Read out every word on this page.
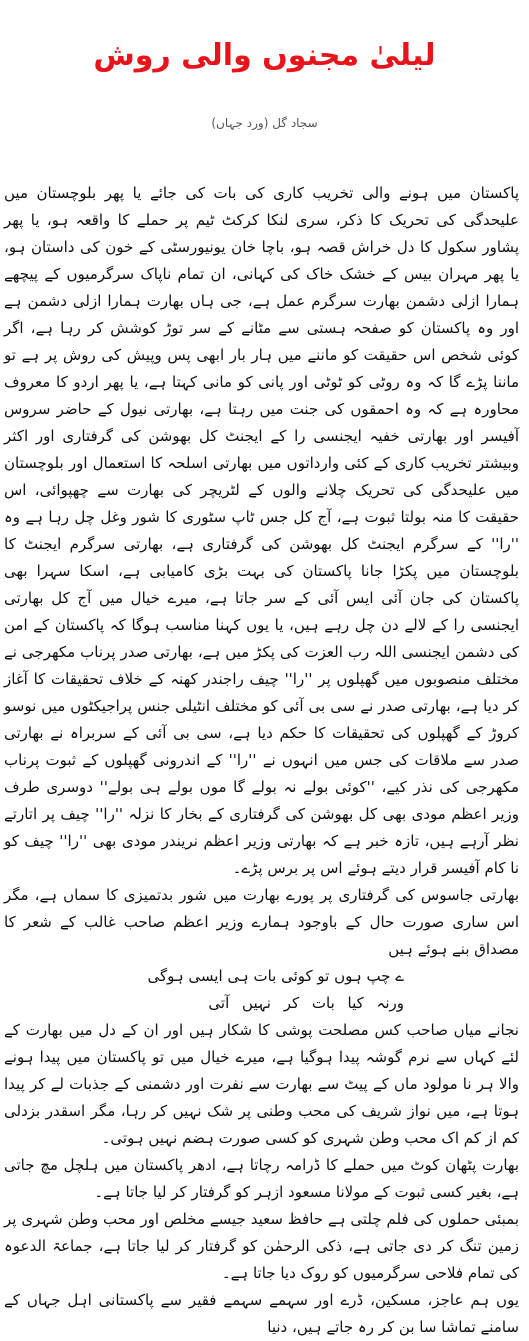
لیلیٰ مجنوں والی روش
سجاد گل (ورد جہاں)

پاکستان میں ہونے والی تخریب کاری کی بات کی جائے یا پھر بلوچستان میں علیحدگی کی تحریک کا ذکر، سری لنکا کرکٹ ٹیم پر حملے کا واقعہ ہو، یا پھر پشاور سکول کا دل خراش قصہ ہو، باچا خان یونیورسٹی کے خون کی داستان ہو، یا پھر مہران بیس کے خشک خاک کی کہانی، ان تمام ناپاک سرگرمیوں کے پیچھے ہمارا ازلی دشمن بھارت سرگرم عمل ہے، جی ہاں بھارت ہمارا ازلی دشمن ہے اور وہ پاکستان کو صفحہ ہستی سے مٹانے کے سر توڑ کوشش کر رہا ہے، اگر کوئی شخص اس حقیقت کو ماننے میں ہار بار ابھی پس وپیش کی روش پر ہے تو ماننا پڑے گا کہ وہ روٹی کو ٹوٹی اور پانی کو مانی کہتا ہے، یا پھر اردو کا معروف محاورہ ہے کہ وہ احمقوں کی جنت میں رہتا ہے، بھارتی نیول کے حاضر سروس آفیسر اور بھارتی خفیہ ایجنسی را کے ایجنٹ کل بھوشن کی گرفتاری اور اکثر وبیشتر تخریب کاری کے کئی وارداتوں میں بھارتی اسلحہ کا استعمال اور بلوچستان میں علیحدگی کی تحریک چلانے والوں کے لٹریچر کی بھارت سے چھپوائی، اس حقیقت کا منہ بولتا ثبوت ہے، آج کل جس ٹاپ سٹوری کا شور وغل چل رہا ہے وہ ''را'' کے سرگرم ایجنٹ کل بھوشن کی گرفتاری ہے، بھارتی سرگرم ایجنٹ کا بلوچستان میں پکڑا جانا پاکستان کی بہت بڑی کامیابی ہے، اسکا سہرا بھی پاکستان کی جان آئی ایس آئی کے سر جاتا ہے، میرے خیال میں آج کل بھارتی ایجنسی را کے لالے دن چل رہے ہیں، یا یوں کہنا مناسب ہوگا کہ پاکستان کے امن کی دشمن ایجنسی اللہ رب العزت کی پکڑ میں ہے، بھارتی صدر پرناب مکھرجی نے مختلف منصوبوں میں گھپلوں پر ''را'' چیف راجندر کھنہ کے خلاف تحقیقات کا آغاز کر دیا ہے، بھارتی صدر نے سی بی آئی کو مختلف انٹیلی جنس پراجیکٹوں میں نوسو کروڑ کے گھپلوں کی تحقیقات کا حکم دیا ہے، سی بی آئی کے سربراہ نے بھارتی صدر سے ملاقات کی جس میں انہوں نے ''را'' کے اندرونی گھپلوں کے ثبوت پرناب مکھرجی کی نذر کیے، ''کوئی بولے نہ بولے گا موں بولے ہی بولے'' دوسری طرف وزیر اعظم مودی بھی کل بھوشن کی گرفتاری کے بخار کا نزلہ ''را'' چیف پر اتارتے نظر آرہے ہیں، تازہ خبر ہے کہ بھارتی وزیر اعظم نریندر مودی بھی ''را'' چیف کو نا کام آفیسر قرار دیتے ہوئے اس پر برس پڑے۔

بھارتی جاسوس کی گرفتاری پر پورے بھارت میں شور بدتمیزی کا سماں ہے، مگر اس ساری صورت حال کے باوجود ہمارے وزیر اعظم صاحب غالب کے شعر کا مصداق بنے ہوئے ہیں

ے چپ ہوں تو کوئی بات ہی ایسی ہوگی

ورنہ کیا بات کر نہیں آتی

نجانے میاں صاحب کس مصلحت پوشی کا شکار ہیں اور ان کے دل میں بھارت کے لئے کہاں سے نرم گوشہ پیدا ہوگیا ہے، میرے خیال میں تو پاکستان میں پیدا ہونے والا ہر نا مولود ماں کے پیٹ سے بھارت سے نفرت اور دشمنی کے جذبات لے کر پیدا ہوتا ہے، میں نواز شریف کی محب وطنی پر شک نہیں کر رہا، مگر اسقدر بزدلی کم از کم اک محب وطن شہری کو کسی صورت ہضم نہیں ہوتی۔

بھارت پٹھان کوٹ میں حملے کا ڈرامہ رچاتا ہے، ادھر پاکستان میں ہلچل مچ جاتی ہے، بغیر کسی ثبوت کے مولانا مسعود ازہر کو گرفتار کر لیا جاتا ہے۔

بمبئی حملوں کی فلم چلتی ہے حافظ سعید جیسے مخلص اور محب وطن شہری پر زمین تنگ کر دی جاتی ہے، ذکی الرحمٰن کو گرفتار کر لیا جاتا ہے، جماعۃ الدعوہ کی تمام فلاحی سرگرمیوں کو روک دیا جاتا ہے۔

یوں ہم عاجز، مسکین، ڈرے اور سہمے سہمے فقیر سے پاکستانی اہل جہاں کے سامنے تماشا سا بن کر رہ جاتے ہیں، دنیا
